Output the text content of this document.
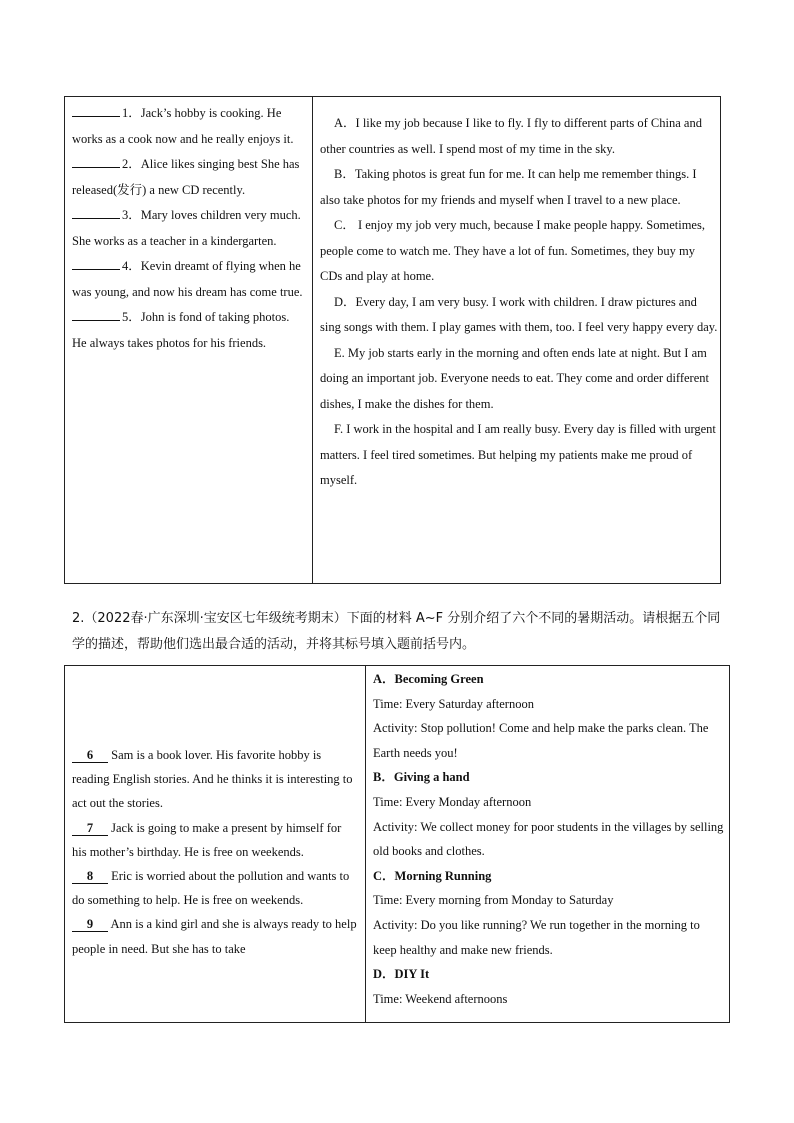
1．Jack’s hobby is cooking. He works as a cook now and he really enjoys it.
2．Alice likes singing best She has released(发行) a new CD recently.
3．Mary loves children very much. She works as a teacher in a kindergarten.
4．Kevin dreamt of flying when he was young, and now his dream has come true.
5．John is fond of taking photos. He always takes photos for his friends.

A．I like my job because I like to fly. I fly to different parts of China and other countries as well. I spend most of my time in the sky.

B．Taking photos is great fun for me. It can help me remember things. I also take photos for my friends and myself when I travel to a new place.

C． I enjoy my job very much, because I make people happy. Sometimes, people come to watch me. They have a lot of fun. Sometimes, they buy my CDs and play at home.

D．Every day, I am very busy. I work with children. I draw pictures and sing songs with them. I play games with them, too. I feel very happy every day.

E. My job starts early in the morning and often ends late at night. But I am doing an important job. Everyone needs to eat. They come and order different dishes, I make the dishes for them.

F. I work in the hospital and I am really busy. Every day is filled with urgent matters. I feel tired sometimes. But helping my patients make me proud of myself.

2.（2022春·广东深圳·宝安区七年级统考期末）下面的材料 A~F 分别介绍了六个不同的暑期活动。请根据五个同学的描述，帮助他们选出最合适的活动，并将其标号填入题前括号内。
6 Sam is a book lover. His favorite hobby is reading English stories. And he thinks it is interesting to act out the stories.
7 Jack is going to make a present by himself for his mother’s birthday. He is free on weekends.
8 Eric is worried about the pollution and wants to do something to help. He is free on weekends.
9 Ann is a kind girl and she is always ready to help people in need. But she has to take

A．Becoming Green

Time: Every Saturday afternoon

Activity: Stop pollution! Come and help make the parks clean. The Earth needs you!

B．Giving a hand

Time: Every Monday afternoon

Activity: We collect money for poor students in the villages by selling old books and clothes.

C．Morning Running

Time: Every morning from Monday to Saturday

Activity: Do you like running? We run together in the morning to keep healthy and make new friends.

D．DIY It

Time: Weekend afternoons
